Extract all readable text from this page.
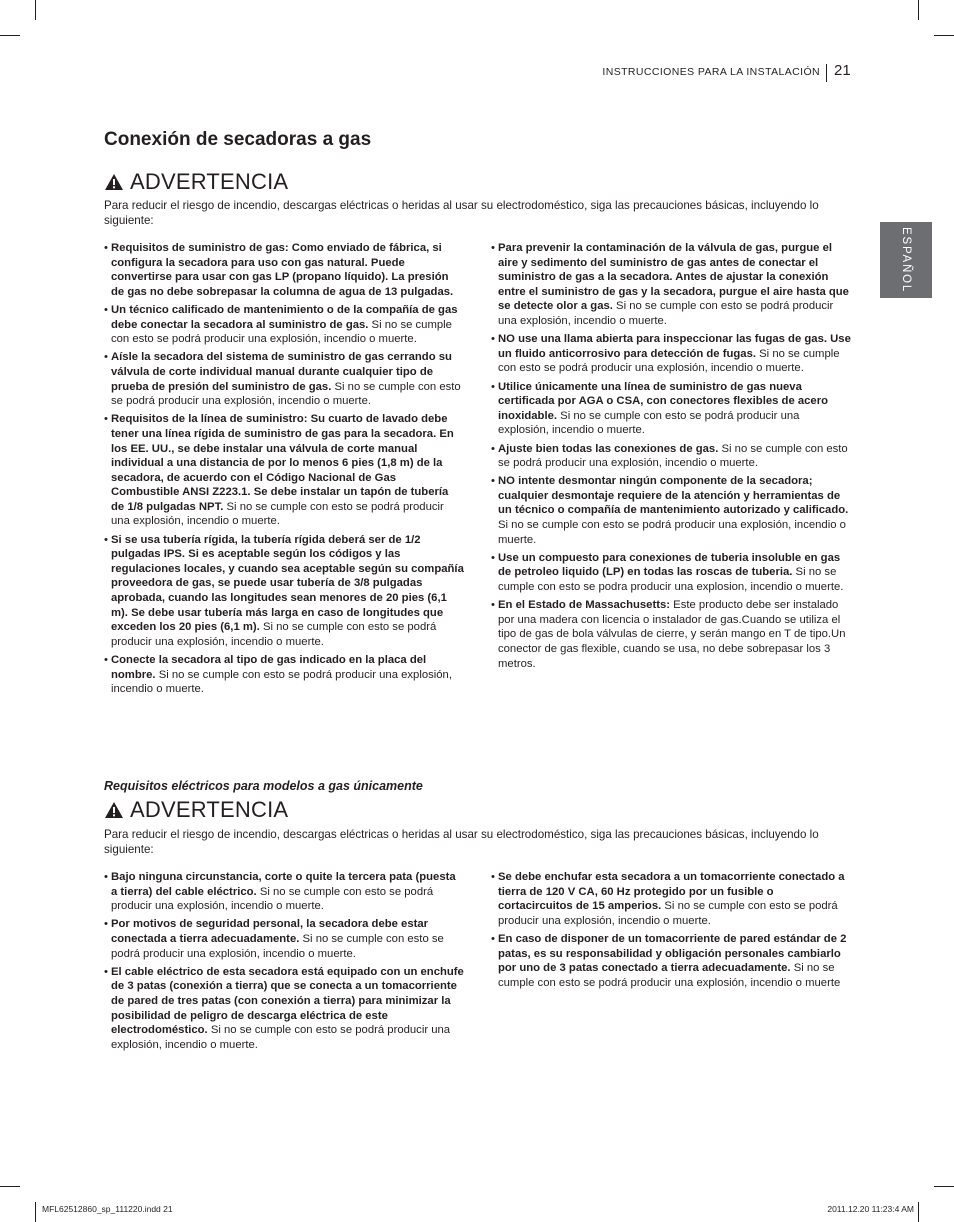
INSTRUCCIONES PARA LA INSTALACIÓN 21
ESPAÑOL
Conexión de secadoras a gas
ADVERTENCIA
Para reducir el riesgo de incendio, descargas eléctricas o heridas al usar su electrodoméstico, siga las precauciones básicas, incluyendo lo siguiente:
• Requisitos de suministro de gas: Como enviado de fábrica, si configura la secadora para uso con gas natural. Puede convertirse para usar con gas LP (propano líquido). La presión de gas no debe sobrepasar la columna de agua de 13 pulgadas.
• Un técnico calificado de mantenimiento o de la compañía de gas debe conectar la secadora al suministro de gas. Si no se cumple con esto se podrá producir una explosión, incendio o muerte.
• Aísle la secadora del sistema de suministro de gas cerrando su válvula de corte individual manual durante cualquier tipo de prueba de presión del suministro de gas. Si no se cumple con esto se podrá producir una explosión, incendio o muerte.
• Requisitos de la línea de suministro: Su cuarto de lavado debe tener una línea rígida de suministro de gas para la secadora. En los EE. UU., se debe instalar una válvula de corte manual individual a una distancia de por lo menos 6 pies (1,8 m) de la secadora, de acuerdo con el Código Nacional de Gas Combustible ANSI Z223.1. Se debe instalar un tapón de tubería de 1/8 pulgadas NPT. Si no se cumple con esto se podrá producir una explosión, incendio o muerte.
• Si se usa tubería rígida, la tubería rígida deberá ser de 1/2 pulgadas IPS. Si es aceptable según los códigos y las regulaciones locales, y cuando sea aceptable según su compañía proveedora de gas, se puede usar tubería de 3/8 pulgadas aprobada, cuando las longitudes sean menores de 20 pies (6,1 m). Se debe usar tubería más larga en caso de longitudes que exceden los 20 pies (6,1 m). Si no se cumple con esto se podrá producir una explosión, incendio o muerte.
• Conecte la secadora al tipo de gas indicado en la placa del nombre. Si no se cumple con esto se podrá producir una explosión, incendio o muerte.
• Para prevenir la contaminación de la válvula de gas, purgue el aire y sedimento del suministro de gas antes de conectar el suministro de gas a la secadora. Antes de ajustar la conexión entre el suministro de gas y la secadora, purgue el aire hasta que se detecte olor a gas. Si no se cumple con esto se podrá producir una explosión, incendio o muerte.
• NO use una llama abierta para inspeccionar las fugas de gas. Use un fluido anticorrosivo para detección de fugas. Si no se cumple con esto se podrá producir una explosión, incendio o muerte.
• Utilice únicamente una línea de suministro de gas nueva certificada por AGA o CSA, con conectores flexibles de acero inoxidable. Si no se cumple con esto se podrá producir una explosión, incendio o muerte.
• Ajuste bien todas las conexiones de gas. Si no se cumple con esto se podrá producir una explosión, incendio o muerte.
• NO intente desmontar ningún componente de la secadora; cualquier desmontaje requiere de la atención y herramientas de un técnico o compañía de mantenimiento autorizado y calificado. Si no se cumple con esto se podrá producir una explosión, incendio o muerte.
• Use un compuesto para conexiones de tuberia insoluble en gas de petroleo liquido (LP) en todas las roscas de tuberia. Si no se cumple con esto se podra producir una explosion, incendio o muerte.
• En el Estado de Massachusetts: Este producto debe ser instalado por una madera con licencia o instalador de gas.Cuando se utiliza el tipo de gas de bola válvulas de cierre, y serán mango en T de tipo.Un conector de gas flexible, cuando se usa, no debe sobrepasar los 3 metros.
Requisitos eléctricos para modelos a gas únicamente
ADVERTENCIA
Para reducir el riesgo de incendio, descargas eléctricas o heridas al usar su electrodoméstico, siga las precauciones básicas, incluyendo lo siguiente:
• Bajo ninguna circunstancia, corte o quite la tercera pata (puesta a tierra) del cable eléctrico. Si no se cumple con esto se podrá producir una explosión, incendio o muerte.
• Por motivos de seguridad personal, la secadora debe estar conectada a tierra adecuadamente. Si no se cumple con esto se podrá producir una explosión, incendio o muerte.
• El cable eléctrico de esta secadora está equipado con un enchufe de 3 patas (conexión a tierra) que se conecta a un tomacorriente de pared de tres patas (con conexión a tierra) para minimizar la posibilidad de peligro de descarga eléctrica de este electrodoméstico. Si no se cumple con esto se podrá producir una explosión, incendio o muerte.
• Se debe enchufar esta secadora a un tomacorriente conectado a tierra de 120 V CA, 60 Hz protegido por un fusible o cortacircuitos de 15 amperios. Si no se cumple con esto se podrá producir una explosión, incendio o muerte.
• En caso de disponer de un tomacorriente de pared estándar de 2 patas, es su responsabilidad y obligación personales cambiarlo por uno de 3 patas conectado a tierra adecuadamente. Si no se cumple con esto se podrá producir una explosión, incendio o muerte
MFL62512860_sp_111220.indd 21	2011.12.20 11:23:4 AM
